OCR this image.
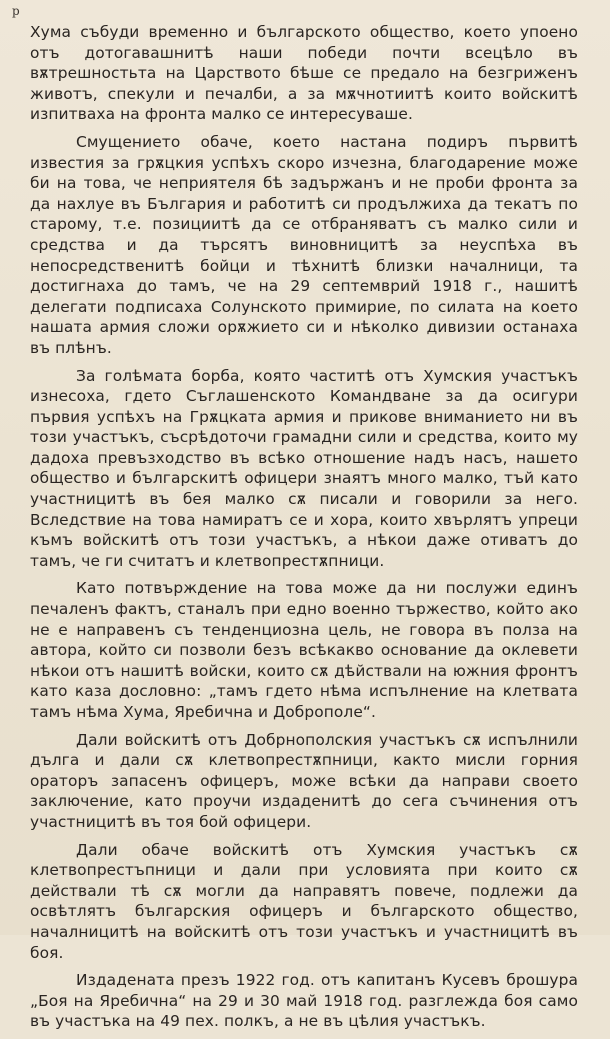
p

Хума събуди временно и българското общество, което упоено отъ дотогавашнитѣ наши победи почти всецѣло въ вѫтрешностьта на Царството бѣше се предало на безгриженъ животъ, спекули и печалби, а за мѫчнотиитѣ които войскитѣ изпитваха на фронта малко се интересуваше.

Смущението обаче, което настана подиръ първитѣ известия за грѫцкия успѣхъ скоро изчезна, благодарение може би на това, че неприятеля бѣ задържанъ и не проби фронта за да нахлуе въ България и работитѣ си продължиха да текатъ по старому, т.е. позициитѣ да се отбраняватъ съ малко сили и средства и да търсятъ виновницитѣ за неуспѣха въ непосредственитѣ бойци и тѣхнитѣ близки началници, та достигнаха до тамъ, че на 29 септемврий 1918 г., нашитѣ делегати подписаха Солунското примирие, по силата на което нашата армия сложи орѫжието си и нѣколко дивизии останаха въ плѣнъ.

За голѣмата борба, която частитѣ отъ Хумския участъкъ изнесоха, гдето Съглашенското Командване за да осигури първия успѣхъ на Грѫцката армия и прикове вниманието ни въ този участъкъ, съсрѣдоточи грамадни сили и средства, които му дадоха превъзходство въ всѣко отношение надъ насъ, нашето общество и българскитѣ офицери знаятъ много малко, тъй като участницитѣ въ бея малко сѫ писали и говорили за него. Вследствие на това намиратъ се и хора, които хвърлятъ упреци къмъ войскитѣ отъ този участъкъ, а нѣкои даже отиватъ до тамъ, че ги считатъ и клетвопрестѫпници.

Като потвърждение на това може да ни послужи единъ печаленъ фактъ, станалъ при едно военно тържество, който ако не е направенъ съ тенденциозна цель, не говора въ полза на автора, който си позволи безъ всѣкакво основание да оклевети нѣкои отъ нашитѣ войски, които сѫ дѣйствали на южния фронтъ като каза дословно: „тамъ гдето нѣма испълнение на клетвата тамъ нѣма Хума, Яребична и Доброполе“.

Дали войскитѣ отъ Добрнополския участъкъ сѫ испълнили дълга и дали сѫ клетвопрестѫпници, както мисли горния ораторъ запасенъ офицеръ, може всѣки да направи своето заключение, като проучи издаденитѣ до сега съчинения отъ участницитѣ въ тоя бой офицери.

Дали обаче войскитѣ отъ Хумския участъкъ сѫ клетвопрестъпници и дали при условията при които сѫ действали тѣ сѫ могли да направятъ повече, подлежи да освѣтлятъ българския офицеръ и българското общество, началницитѣ на войскитѣ отъ този участъкъ и участницитѣ въ боя.

Издадената презъ 1922 год. отъ капитанъ Кусевъ брошура „Боя на Яребична“ на 29 и 30 май 1918 год. разглежда боя само въ участъка на 49 пех. полкъ, а не въ цѣлия участъкъ.
